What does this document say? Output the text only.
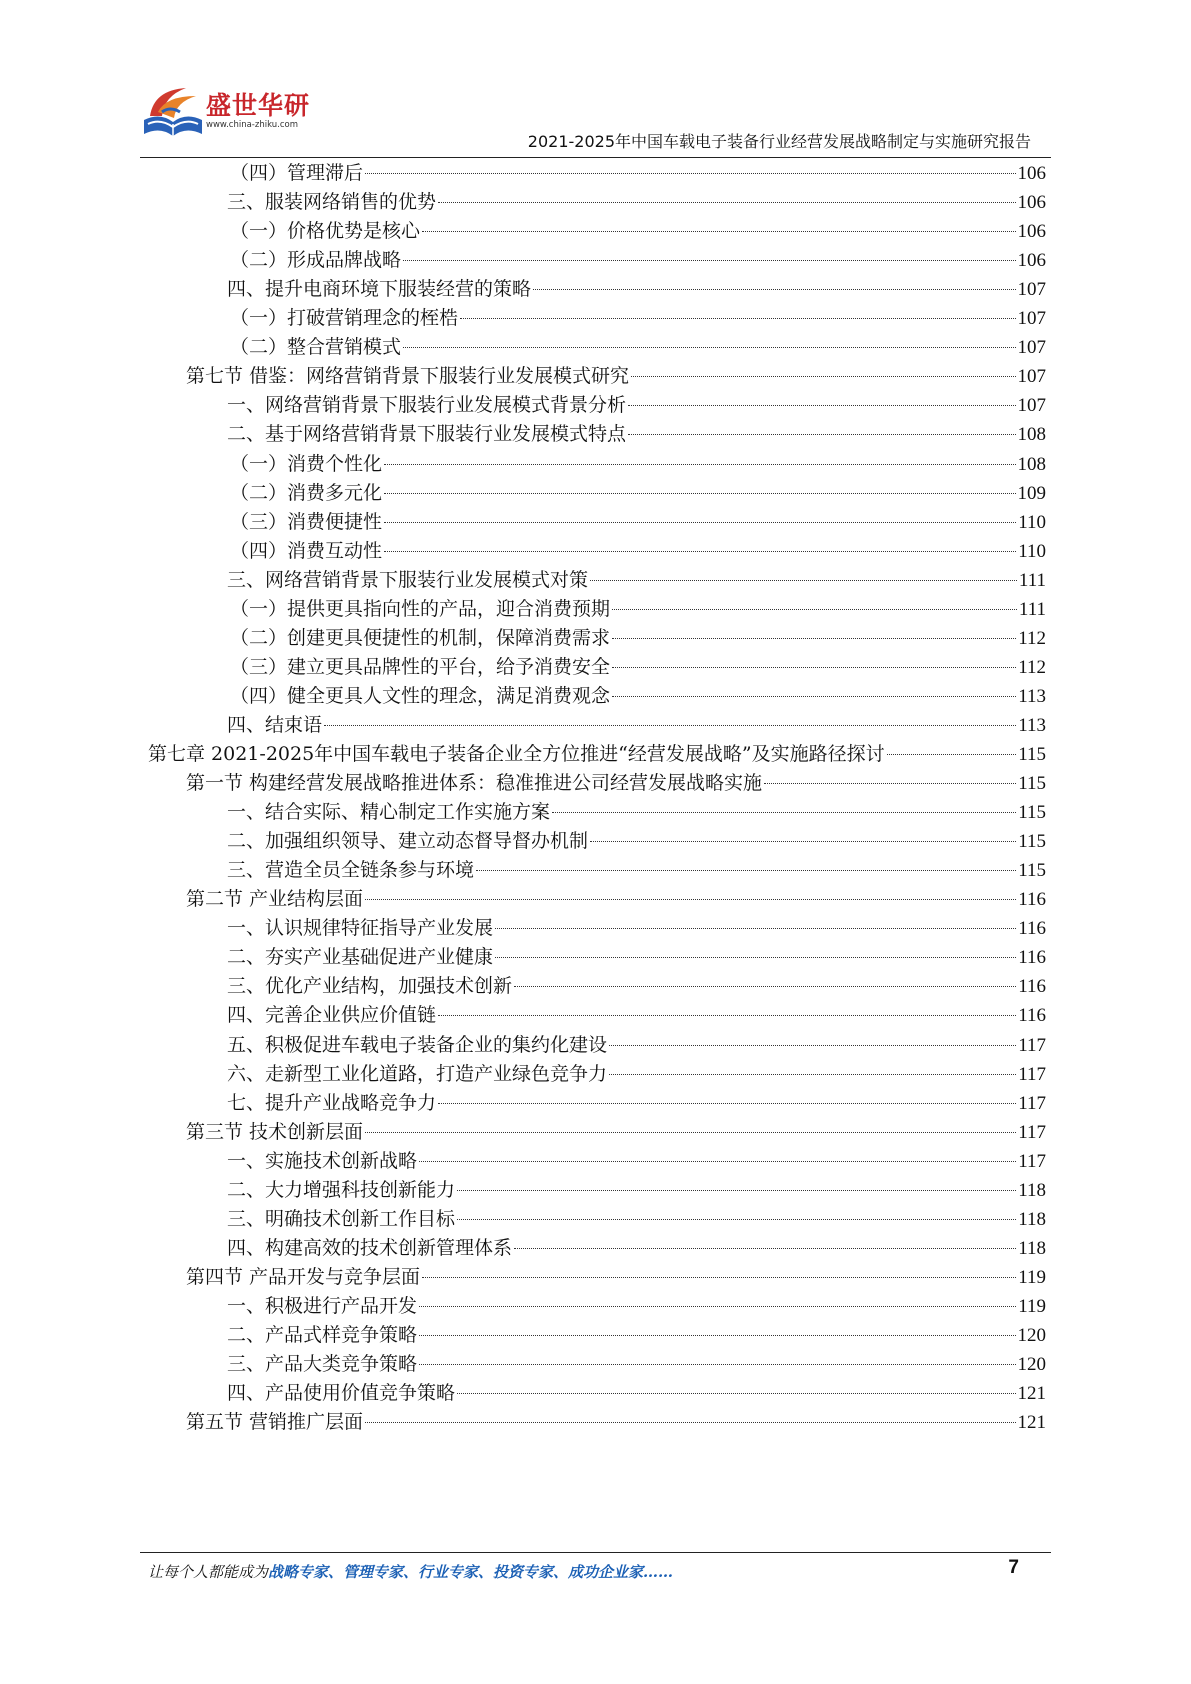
盛世华研
www.china-zhiku.com
2021-2025年中国车载电子装备行业经营发展战略制定与实施研究报告
（四）管理滞后	106
三、服装网络销售的优势	106
（一）价格优势是核心	106
（二）形成品牌战略	106
四、提升电商环境下服装经营的策略	107
（一）打破营销理念的桎梏	107
（二）整合营销模式	107
第七节 借鉴：网络营销背景下服装行业发展模式研究	107
一、网络营销背景下服装行业发展模式背景分析	107
二、基于网络营销背景下服装行业发展模式特点	108
（一）消费个性化	108
（二）消费多元化	109
（三）消费便捷性	110
（四）消费互动性	110
三、网络营销背景下服装行业发展模式对策	111
（一）提供更具指向性的产品，迎合消费预期	111
（二）创建更具便捷性的机制，保障消费需求	112
（三）建立更具品牌性的平台，给予消费安全	112
（四）健全更具人文性的理念，满足消费观念	113
四、结束语	113
第七章 2021-2025年中国车载电子装备企业全方位推进“经营发展战略”及实施路径探讨	115
第一节 构建经营发展战略推进体系：稳准推进公司经营发展战略实施	115
一、结合实际、精心制定工作实施方案	115
二、加强组织领导、建立动态督导督办机制	115
三、营造全员全链条参与环境	115
第二节 产业结构层面	116
一、认识规律特征指导产业发展	116
二、夯实产业基础促进产业健康	116
三、优化产业结构，加强技术创新	116
四、完善企业供应价值链	116
五、积极促进车载电子装备企业的集约化建设	117
六、走新型工业化道路，打造产业绿色竞争力	117
七、提升产业战略竞争力	117
第三节 技术创新层面	117
一、实施技术创新战略	117
二、大力增强科技创新能力	118
三、明确技术创新工作目标	118
四、构建高效的技术创新管理体系	118
第四节 产品开发与竞争层面	119
一、积极进行产品开发	119
二、产品式样竞争策略	120
三、产品大类竞争策略	120
四、产品使用价值竞争策略	121
第五节 营销推广层面	121
让每个人都能成为战略专家、管理专家、行业专家、投资专家、成功企业家……	7
